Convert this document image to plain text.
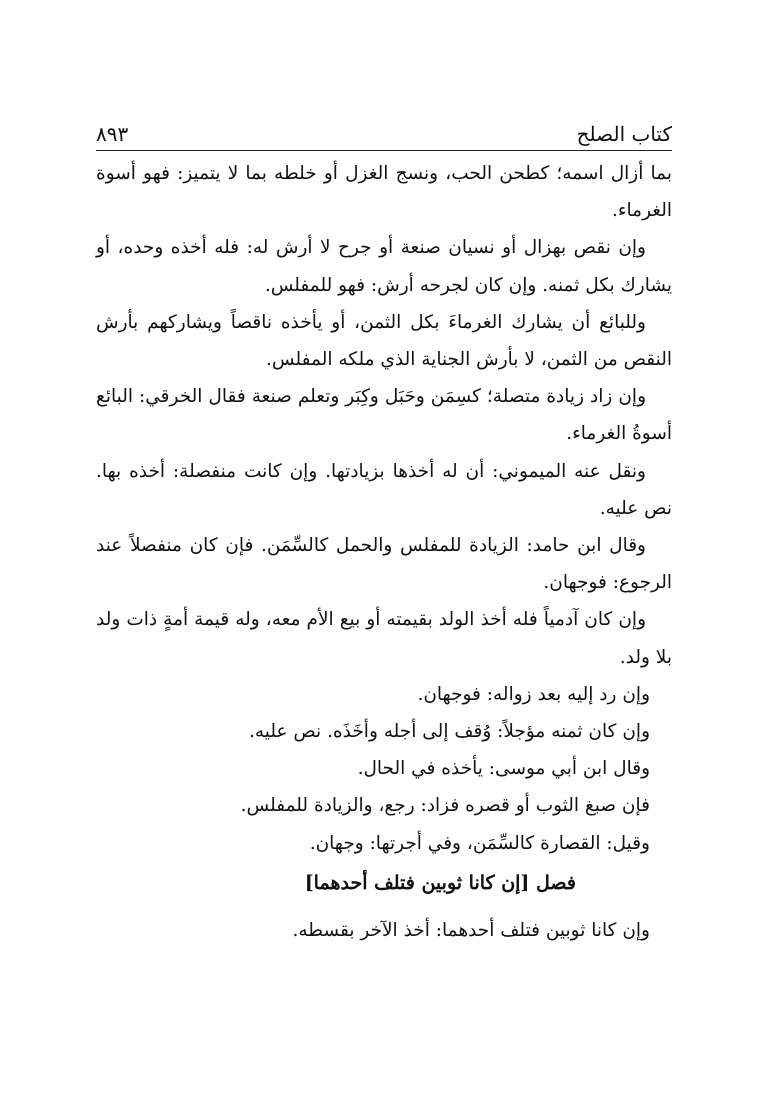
كتاب الصلح
٨٩٣

بما أزال اسمه؛ كطحن الحب، ونسج الغزل أو خلطه بما لا يتميز: فهو أسوة الغرماء.

وإن نقص بهزال أو نسيان صنعة أو جرح لا أرش له: فله أخذه وحده، أو يشارك بكل ثمنه. وإن كان لجرحه أرش: فهو للمفلس.

وللبائع أن يشارك الغرماءَ بكل الثمن، أو يأخذه ناقصاً ويشاركهم بأرش النقص من الثمن، لا بأرش الجناية الذي ملكه المفلس.

وإن زاد زيادة متصلة؛ كسِمَن وحَبَل وكِبَر وتعلم صنعة فقال الخرقي: البائع أسوةُ الغرماء.

ونقل عنه الميموني: أن له أخذها بزيادتها. وإن كانت منفصلة: أخذه بها. نص عليه.

وقال ابن حامد: الزيادة للمفلس والحمل كالسِّمَن. فإن كان منفصلاً عند الرجوع: فوجهان.

وإن كان آدمياً فله أخذ الولد بقيمته أو بيع الأم معه، وله قيمة أمةٍ ذات ولد بلا ولد.

وإن رد إليه بعد زواله: فوجهان.

وإن كان ثمنه مؤجلاً: وُقف إلى أجله وأخَذَه. نص عليه.

وقال ابن أبي موسى: يأخذه في الحال.

فإن صبغ الثوب أو قصره فزاد: رجع، والزيادة للمفلس.

وقيل: القصارة كالسِّمَن، وفي أجرتها: وجهان.

فصل [إن كانا ثوبين فتلف أحدهما]

وإن كانا ثوبين فتلف أحدهما: أخذ الآخر بقسطه.
